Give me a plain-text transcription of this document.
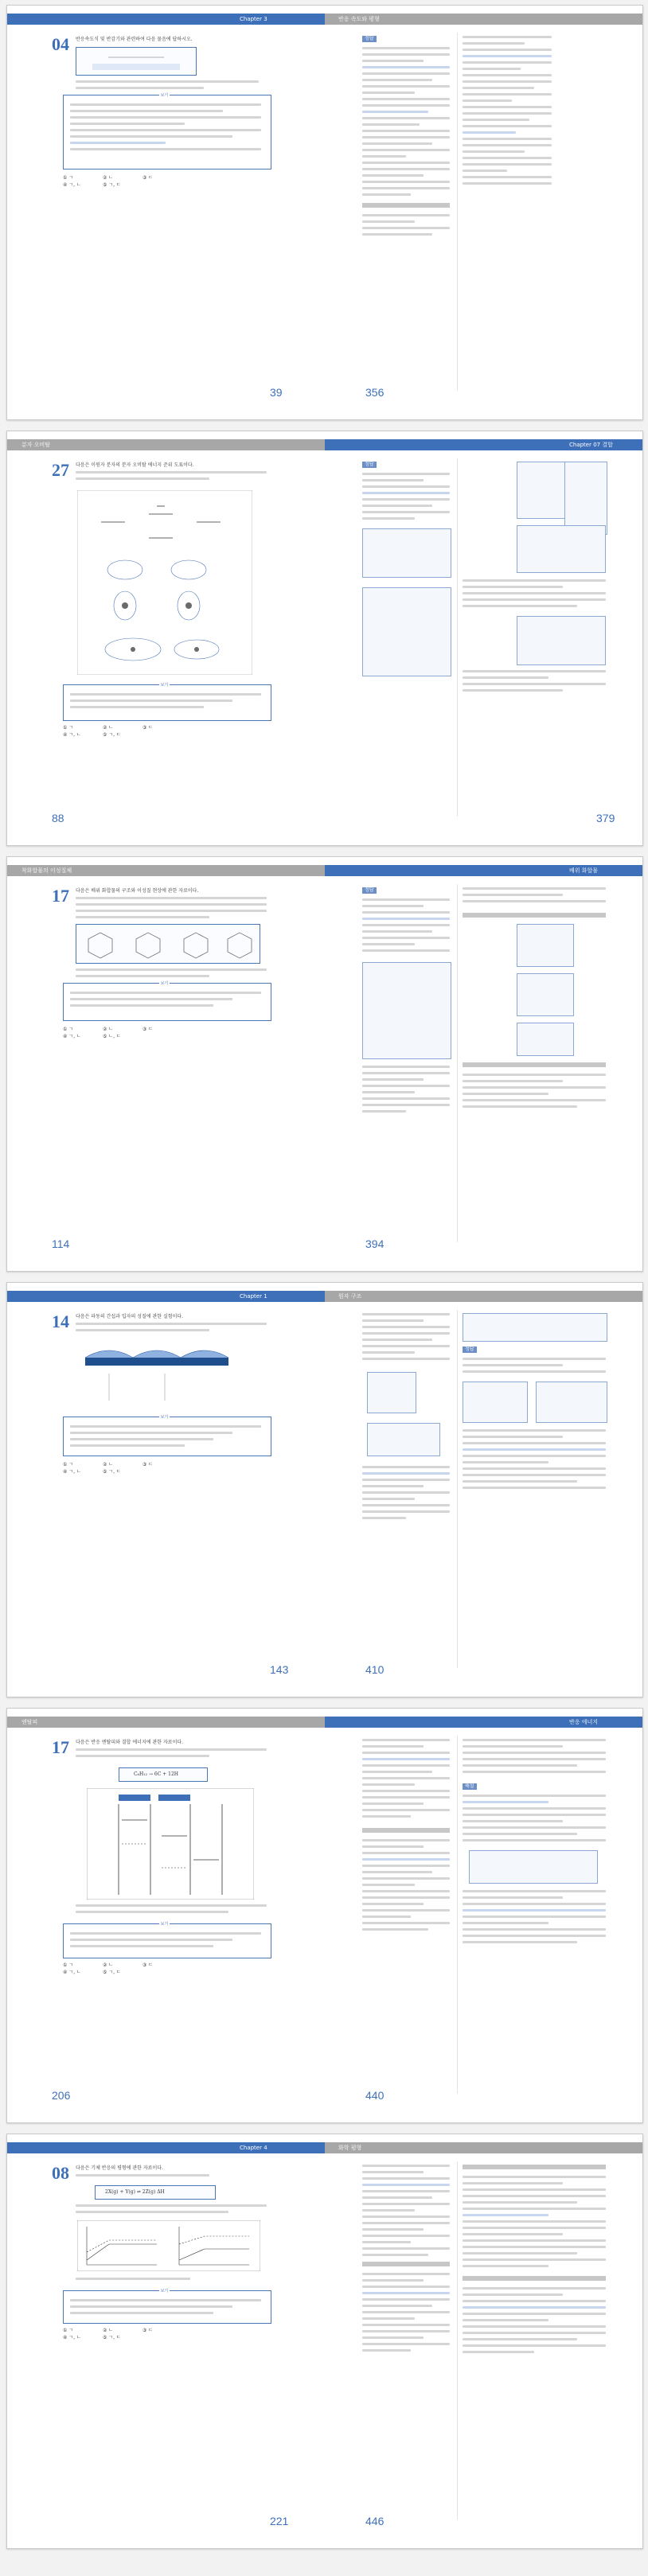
Chapter 3	반응 속도와 평형
04 반응속도식 및 반감기와 관련하여 다음 물음에 답하시오.
보기
① ㄱ	② ㄴ	③ ㄷ
④ ㄱ, ㄴ	⑤ ㄱ, ㄷ
39	356
정답
분자 오비탈	Chapter 07 결합
27 다음은 이원자 분자의 분자 오비탈 에너지 준위 도표이다.
보기
① ㄱ	② ㄴ	③ ㄷ
④ ㄱ, ㄴ	⑤ ㄱ, ㄷ
88	379
정답
착화합물의 이성질체	배위 화합물
17 다음은 배위 화합물의 구조와 이성질 현상에 관한 자료이다.
보기
① ㄱ	② ㄴ	③ ㄷ
④ ㄱ, ㄴ	⑤ ㄴ, ㄷ
114	394
정답
Chapter 1	원자 구조
14 다음은 파동의 간섭과 입자의 성질에 관한 실험이다.
보기
① ㄱ	② ㄴ	③ ㄷ
④ ㄱ, ㄴ	⑤ ㄱ, ㄷ
143	410
정답
엔탈피	반응 에너지
17 다음은 반응 엔탈피와 결합 에너지에 관한 자료이다.
C₆H₁₂ → 6C + 12H
보기
① ㄱ	② ㄴ	③ ㄷ
④ ㄱ, ㄴ	⑤ ㄱ, ㄷ
206	440
해설
Chapter 4	화학 평형
08 다음은 기체 반응의 평형에 관한 자료이다.
2X(g) + Y(g) ⇌ 2Z(g) ΔH
보기
① ㄱ	② ㄴ	③ ㄷ
④ ㄱ, ㄴ	⑤ ㄱ, ㄷ
221	446
